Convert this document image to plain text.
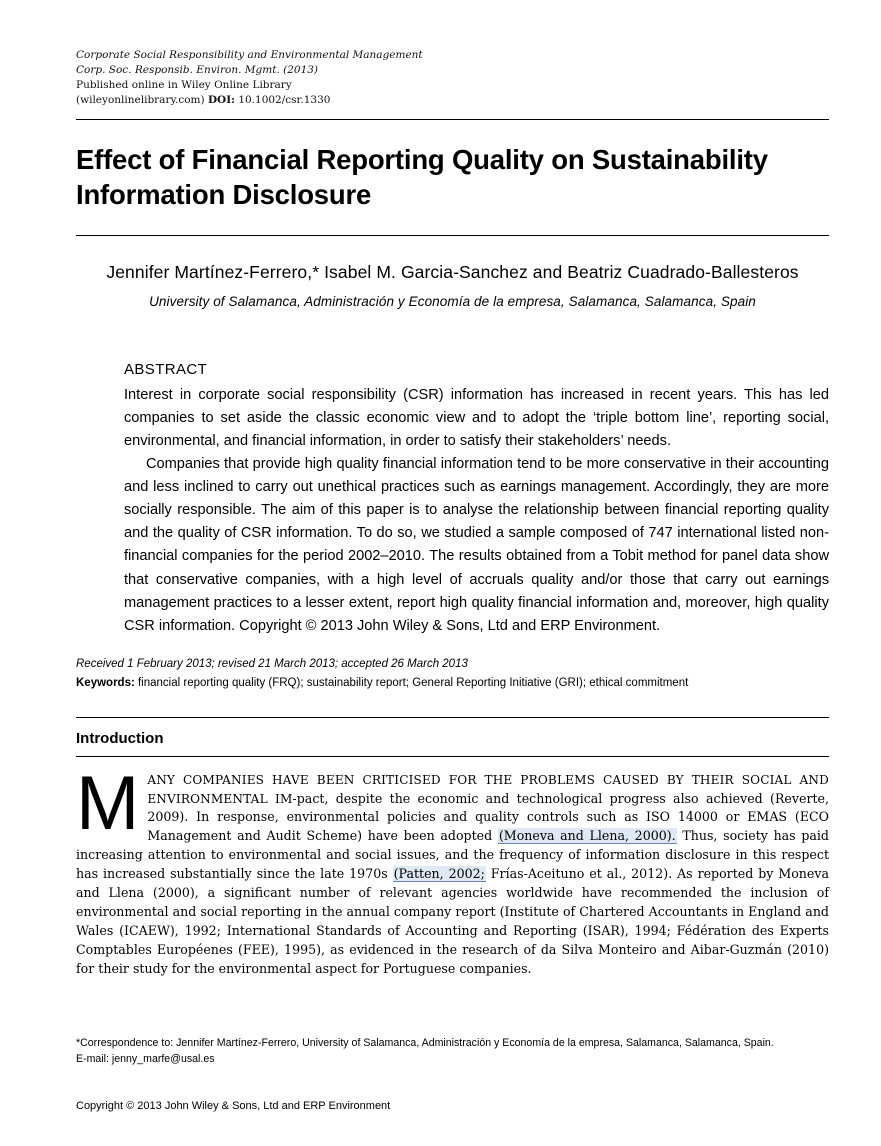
Corporate Social Responsibility and Environmental Management
Corp. Soc. Responsib. Environ. Mgmt. (2013)
Published online in Wiley Online Library
(wileyonlinelibrary.com) DOI: 10.1002/csr.1330
Effect of Financial Reporting Quality on Sustainability Information Disclosure
Jennifer Martínez-Ferrero,* Isabel M. Garcia-Sanchez and Beatriz Cuadrado-Ballesteros
University of Salamanca, Administración y Economía de la empresa, Salamanca, Salamanca, Spain
ABSTRACT

Interest in corporate social responsibility (CSR) information has increased in recent years. This has led companies to set aside the classic economic view and to adopt the ‘triple bottom line’, reporting social, environmental, and financial information, in order to satisfy their stakeholders’ needs.

Companies that provide high quality financial information tend to be more conservative in their accounting and less inclined to carry out unethical practices such as earnings management. Accordingly, they are more socially responsible. The aim of this paper is to analyse the relationship between financial reporting quality and the quality of CSR information. To do so, we studied a sample composed of 747 international listed non-financial companies for the period 2002–2010. The results obtained from a Tobit method for panel data show that conservative companies, with a high level of accruals quality and/or those that carry out earnings management practices to a lesser extent, report high quality financial information and, moreover, high quality CSR information. Copyright © 2013 John Wiley & Sons, Ltd and ERP Environment.

Received 1 February 2013; revised 21 March 2013; accepted 26 March 2013
Keywords: financial reporting quality (FRQ); sustainability report; General Reporting Initiative (GRI); ethical commitment
Introduction
MANY COMPANIES HAVE BEEN CRITICISED FOR THE PROBLEMS CAUSED BY THEIR SOCIAL AND ENVIRONMENTAL IM-pact, despite the economic and technological progress also achieved (Reverte, 2009). In response, environmental policies and quality controls such as ISO 14000 or EMAS (ECO Management and Audit Scheme) have been adopted (Moneva and Llena, 2000). Thus, society has paid increasing attention to environmental and social issues, and the frequency of information disclosure in this respect has increased substantially since the late 1970s (Patten, 2002; Frías-Aceituno et al., 2012). As reported by Moneva and Llena (2000), a significant number of relevant agencies worldwide have recommended the inclusion of environmental and social reporting in the annual company report (Institute of Chartered Accountants in England and Wales (ICAEW), 1992; International Standards of Accounting and Reporting (ISAR), 1994; Fédération des Experts Comptables Européenes (FEE), 1995), as evidenced in the research of da Silva Monteiro and Aibar-Guzmán (2010) for their study for the environmental aspect for Portuguese companies.
*Correspondence to: Jennifer Martínez-Ferrero, University of Salamanca, Administración y Economía de la empresa, Salamanca, Salamanca, Spain.
E-mail: jenny_marfe@usal.es
Copyright © 2013 John Wiley & Sons, Ltd and ERP Environment
